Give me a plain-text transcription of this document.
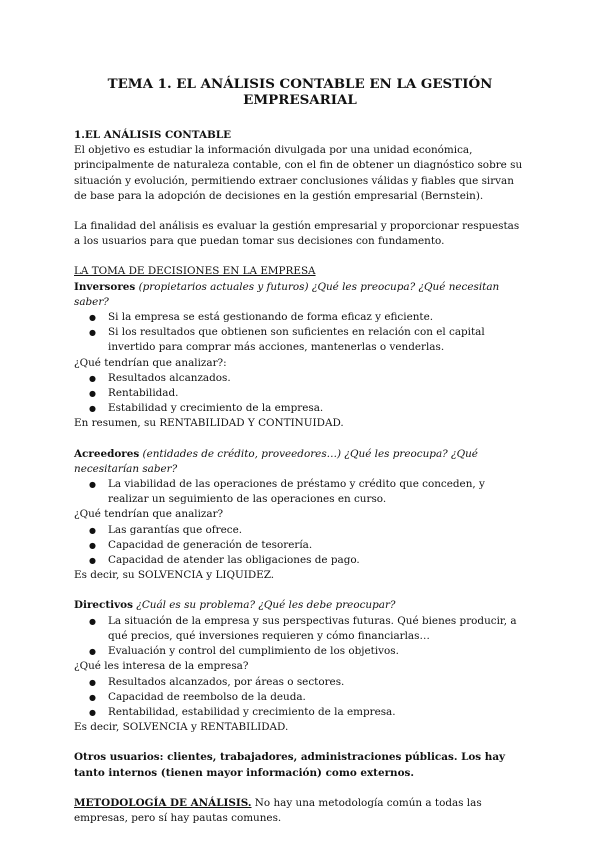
TEMA 1. EL ANÁLISIS CONTABLE EN LA GESTIÓN EMPRESARIAL

1.EL ANÁLISIS CONTABLE

El objetivo es estudiar la información divulgada por una unidad económica, principalmente de naturaleza contable, con el fin de obtener un diagnóstico sobre su situación y evolución, permitiendo extraer conclusiones válidas y fiables que sirvan de base para la adopción de decisiones en la gestión empresarial (Bernstein).

La finalidad del análisis es evaluar la gestión empresarial y proporcionar respuestas a los usuarios para que puedan tomar sus decisiones con fundamento.

LA TOMA DE DECISIONES EN LA EMPRESA

Inversores (propietarios actuales y futuros) ¿Qué les preocupa? ¿Qué necesitan saber?

● Si la empresa se está gestionando de forma eficaz y eficiente.
● Si los resultados que obtienen son suficientes en relación con el capital invertido para comprar más acciones, mantenerlas o venderlas.

¿Qué tendrían que analizar?:

● Resultados alcanzados.
● Rentabilidad.
● Estabilidad y crecimiento de la empresa.

En resumen, su RENTABILIDAD Y CONTINUIDAD.

Acreedores (entidades de crédito, proveedores…) ¿Qué les preocupa? ¿Qué necesitarían saber?

● La viabilidad de las operaciones de préstamo y crédito que conceden, y realizar un seguimiento de las operaciones en curso.

¿Qué tendrían que analizar?

● Las garantías que ofrece.
● Capacidad de generación de tesorería.
● Capacidad de atender las obligaciones de pago.

Es decir, su SOLVENCIA y LIQUIDEZ.

Directivos ¿Cuál es su problema? ¿Qué les debe preocupar?

● La situación de la empresa y sus perspectivas futuras. Qué bienes producir, a qué precios, qué inversiones requieren y cómo financiarlas…
● Evaluación y control del cumplimiento de los objetivos.

¿Qué les interesa de la empresa?

● Resultados alcanzados, por áreas o sectores.
● Capacidad de reembolso de la deuda.
● Rentabilidad, estabilidad y crecimiento de la empresa.

Es decir, SOLVENCIA y RENTABILIDAD.

Otros usuarios: clientes, trabajadores, administraciones públicas. Los hay tanto internos (tienen mayor información) como externos.

METODOLOGÍA DE ANÁLISIS. No hay una metodología común a todas las empresas, pero sí hay pautas comunes.
